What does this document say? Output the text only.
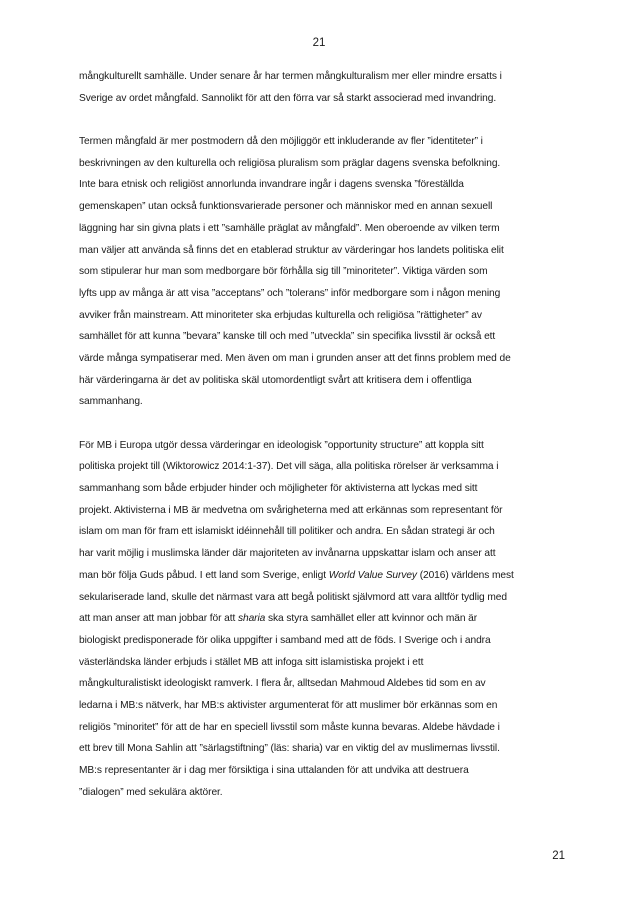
21
mångkulturellt samhälle. Under senare år har termen mångkulturalism mer eller mindre ersatts i
Sverige av ordet mångfald. Sannolikt för att den förra var så starkt associerad med invandring.
Termen mångfald är mer postmodern då den möjliggör ett inkluderande av fler ”identiteter” i
beskrivningen av den kulturella och religiösa pluralism som präglar dagens svenska befolkning.
Inte bara etnisk och religiöst annorlunda invandrare ingår i dagens svenska ”föreställda
gemenskapen” utan också funktionsvarierade personer och människor med en annan sexuell
läggning har sin givna plats i ett ”samhälle präglat av mångfald”. Men oberoende av vilken term
man väljer att använda så finns det en etablerad struktur av värderingar hos landets politiska elit
som stipulerar hur man som medborgare bör förhålla sig till ”minoriteter”. Viktiga värden som
lyfts upp av många är att visa ”acceptans” och ”tolerans” inför medborgare som i någon mening
avviker från mainstream. Att minoriteter ska erbjudas kulturella och religiösa ”rättigheter” av
samhället för att kunna ”bevara” kanske till och med ”utveckla” sin specifika livsstil är också ett
värde många sympatiserar med. Men även om man i grunden anser att det finns problem med de
här värderingarna är det av politiska skäl utomordentligt svårt att kritisera dem i offentliga
sammanhang.
För MB i Europa utgör dessa värderingar en ideologisk ”opportunity structure” att koppla sitt
politiska projekt till (Wiktorowicz 2014:1-37). Det vill säga, alla politiska rörelser är verksamma i
sammanhang som både erbjuder hinder och möjligheter för aktivisterna att lyckas med sitt
projekt. Aktivisterna i MB är medvetna om svårigheterna med att erkännas som representant för
islam om man för fram ett islamiskt idéinnehåll till politiker och andra. En sådan strategi är och
har varit möjlig i muslimska länder där majoriteten av invånarna uppskattar islam och anser att
man bör följa Guds påbud. I ett land som Sverige, enligt World Value Survey (2016) världens mest
sekulariserade land, skulle det närmast vara att begå politiskt självmord att vara alltför tydlig med
att man anser att man jobbar för att sharia ska styra samhället eller att kvinnor och män är
biologiskt predisponerade för olika uppgifter i samband med att de föds. I Sverige och i andra
västerländska länder erbjuds i stället MB att infoga sitt islamistiska projekt i ett
mångkulturalistiskt ideologiskt ramverk. I flera år, alltsedan Mahmoud Aldebes tid som en av
ledarna i MB:s nätverk, har MB:s aktivister argumenterat för att muslimer bör erkännas som en
religiös ”minoritet” för att de har en speciell livsstil som måste kunna bevaras. Aldebe hävdade i
ett brev till Mona Sahlin att ”särlagstiftning” (läs: sharia) var en viktig del av muslimernas livsstil.
MB:s representanter är i dag mer försiktiga i sina uttalanden för att undvika att destruera
”dialogen” med sekulära aktörer.
21
